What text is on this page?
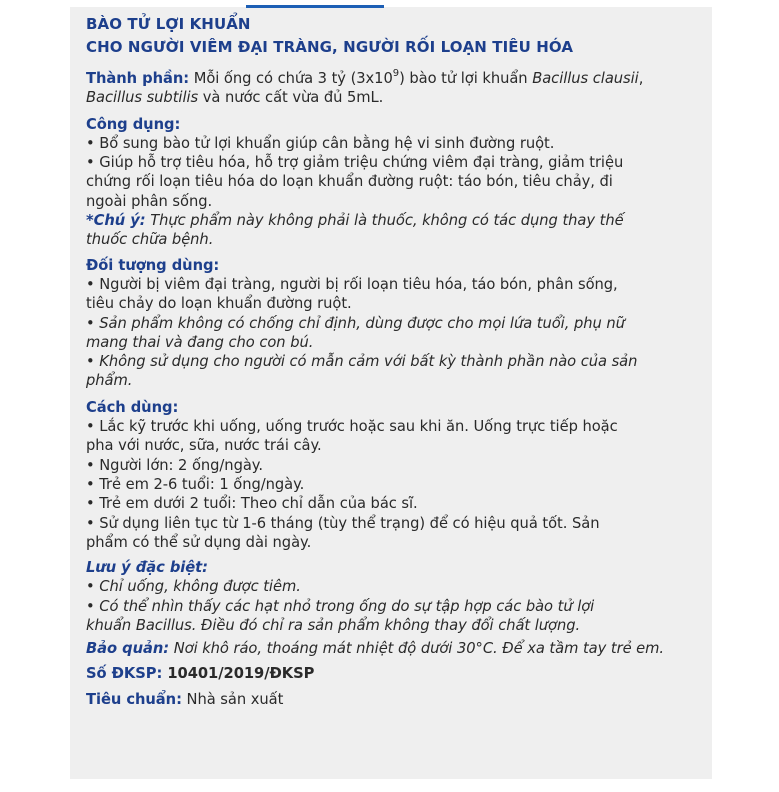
BÀO TỬ LỢI KHUẨN
CHO NGƯỜI VIÊM ĐẠI TRÀNG, NGƯỜI RỐI LOẠN TIÊU HÓA
Thành phần: Mỗi ống có chứa 3 tỷ $(3x10^9)$ bào tử lợi khuẩn Bacillus clausii,
Bacillus subtilis và nước cất vừa đủ 5mL.
Công dụng:
• Bổ sung bào tử lợi khuẩn giúp cân bằng hệ vi sinh đường ruột.
• Giúp hỗ trợ tiêu hóa, hỗ trợ giảm triệu chứng viêm đại tràng, giảm triệu
chứng rối loạn tiêu hóa do loạn khuẩn đường ruột: táo bón, tiêu chảy, đi
ngoài phân sống.
*Chú ý: Thực phẩm này không phải là thuốc, không có tác dụng thay thế
thuốc chữa bệnh.
Đối tượng dùng:
• Người bị viêm đại tràng, người bị rối loạn tiêu hóa, táo bón, phân sống,
tiêu chảy do loạn khuẩn đường ruột.
• Sản phẩm không có chống chỉ định, dùng được cho mọi lứa tuổi, phụ nữ
mang thai và đang cho con bú.
• Không sử dụng cho người có mẫn cảm với bất kỳ thành phần nào của sản
phẩm.
Cách dùng:
• Lắc kỹ trước khi uống, uống trước hoặc sau khi ăn. Uống trực tiếp hoặc
pha với nước, sữa, nước trái cây.
• Người lớn: 2 ống/ngày.
• Trẻ em 2-6 tuổi: 1 ống/ngày.
• Trẻ em dưới 2 tuổi: Theo chỉ dẫn của bác sĩ.
• Sử dụng liên tục từ 1-6 tháng (tùy thể trạng) để có hiệu quả tốt. Sản
phẩm có thể sử dụng dài ngày.
Lưu ý đặc biệt:
• Chỉ uống, không được tiêm.
• Có thể nhìn thấy các hạt nhỏ trong ống do sự tập hợp các bào tử lợi
khuẩn Bacillus. Điều đó chỉ ra sản phẩm không thay đổi chất lượng.
Bảo quản: Nơi khô ráo, thoáng mát nhiệt độ dưới 30°C. Để xa tầm tay trẻ em.
Số ĐKSP: 10401/2019/ĐKSP
Tiêu chuẩn: Nhà sản xuất
